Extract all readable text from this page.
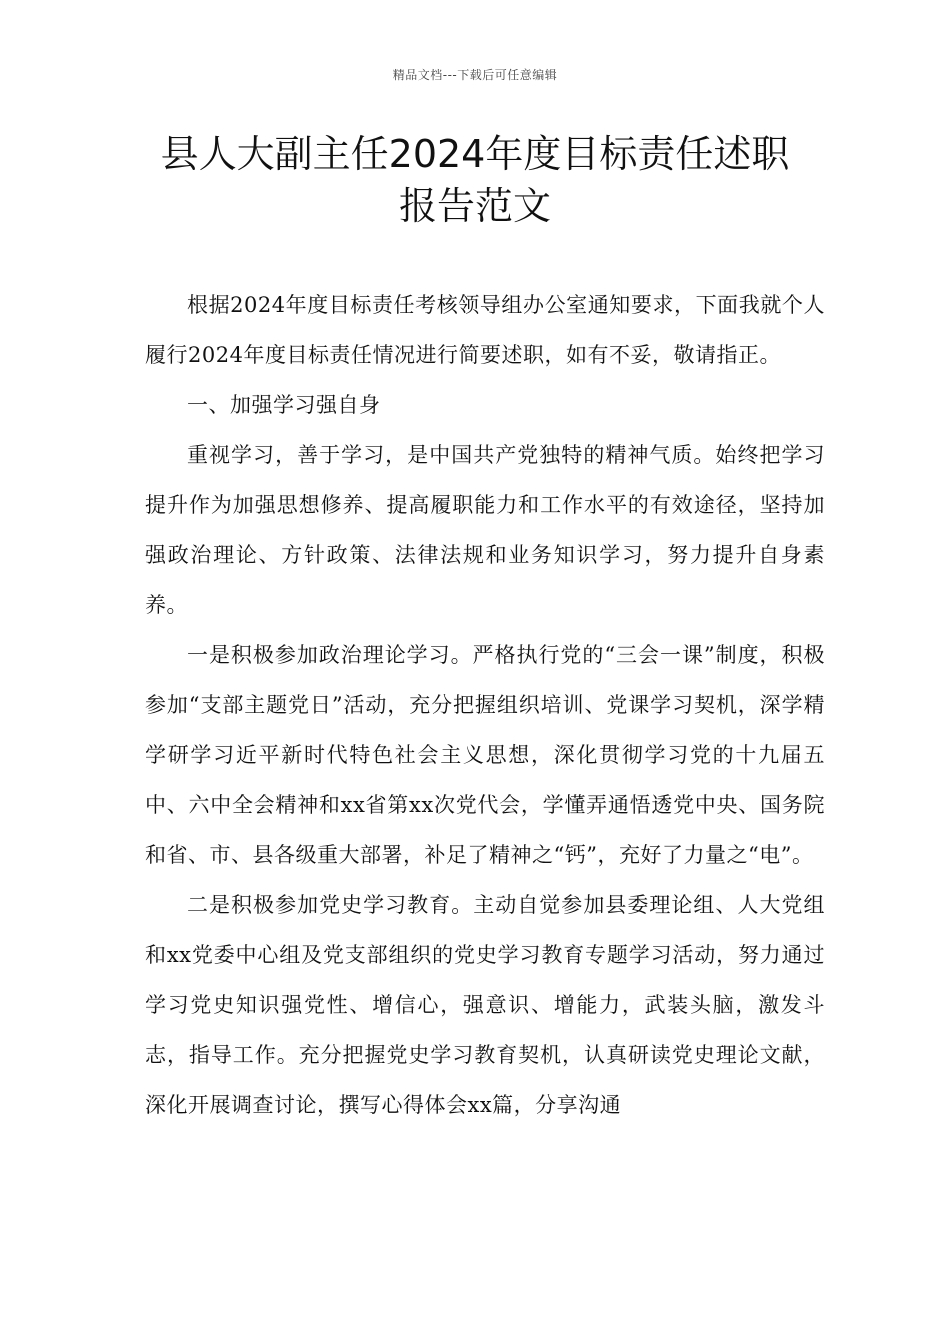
精品文档---下载后可任意编辑
县人大副主任2024年度目标责任述职
报告范文

根据2024年度目标责任考核领导组办公室通知要求，下面我就个人履行2024年度目标责任情况进行简要述职，如有不妥，敬请指正。

一、加强学习强自身

重视学习，善于学习，是中国共产党独特的精神气质。始终把学习提升作为加强思想修养、提高履职能力和工作水平的有效途径，坚持加强政治理论、方针政策、法律法规和业务知识学习，努力提升自身素养。

一是积极参加政治理论学习。严格执行党的“三会一课”制度，积极参加“支部主题党日”活动，充分把握组织培训、党课学习契机，深学精学研学习近平新时代特色社会主义思想，深化贯彻学习党的十九届五中、六中全会精神和xx省第xx次党代会，学懂弄通悟透党中央、国务院和省、市、县各级重大部署，补足了精神之“钙”，充好了力量之“电”。

二是积极参加党史学习教育。主动自觉参加县委理论组、人大党组和xx党委中心组及党支部组织的党史学习教育专题学习活动，努力通过学习党史知识强党性、增信心，强意识、增能力，武装头脑，激发斗志，指导工作。充分把握党史学习教育契机，认真研读党史理论文献，深化开展调查讨论，撰写心得体会xx篇，分享沟通
